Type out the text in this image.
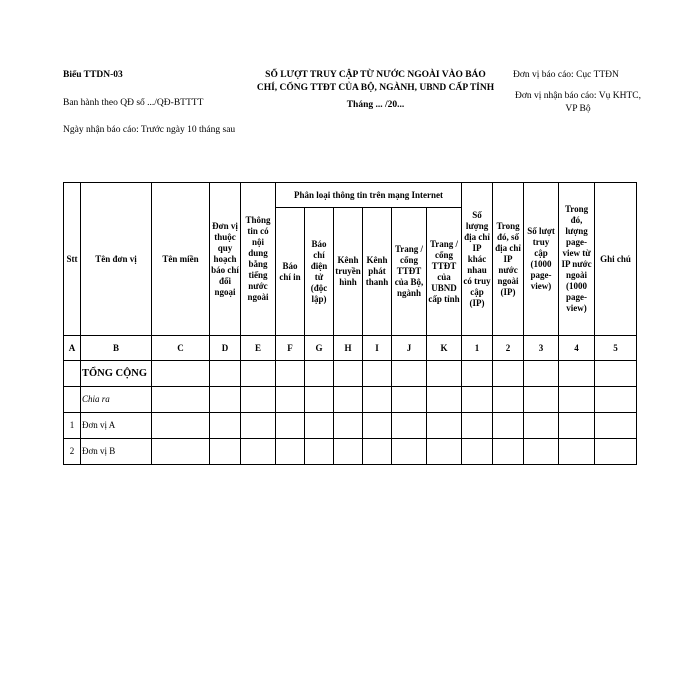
Biểu TTDN-03
Ban hành theo QĐ số .../QĐ-BTTTT
Ngày nhận báo cáo: Trước ngày 10 tháng sau
SỐ LƯỢT TRUY CẬP TỪ NƯỚC NGOÀI VÀO BÁO
CHÍ, CỔNG TTĐT CỦA BỘ, NGÀNH, UBND CẤP TỈNH
Tháng ... /20...
Đơn vị báo cáo: Cục TTĐN
Đơn vị nhận báo cáo: Vụ KHTC, VP Bộ
Stt	Tên đơn vị	Tên miền	Đơn vị thuộc quy hoạch báo chí đối ngoại	Thông tin có nội dung bằng tiếng nước ngoài	Phân loại thông tin trên mạng Internet						Số lượng địa chỉ IP khác nhau có truy cập (IP)	Trong đó, số địa chỉ IP nước ngoài (IP)	Số lượt truy cập (1000 page-view)	Trong đó, lượng page-view từ IP nước ngoài (1000 page-view)	Ghi chú
					Báo chí in	Báo chí điện tử (độc lập)	Kênh truyền hình	Kênh phát thanh	Trang / cổng TTĐT của Bộ, ngành	Trang / cổng TTĐT của UBND cấp tỉnh					
A	B	C	D	E	F	G	H	I	J	K	1	2	3	4	5
	TỔNG CỘNG														
	Chia ra														
1	Đơn vị A														
2	Đơn vị B														
